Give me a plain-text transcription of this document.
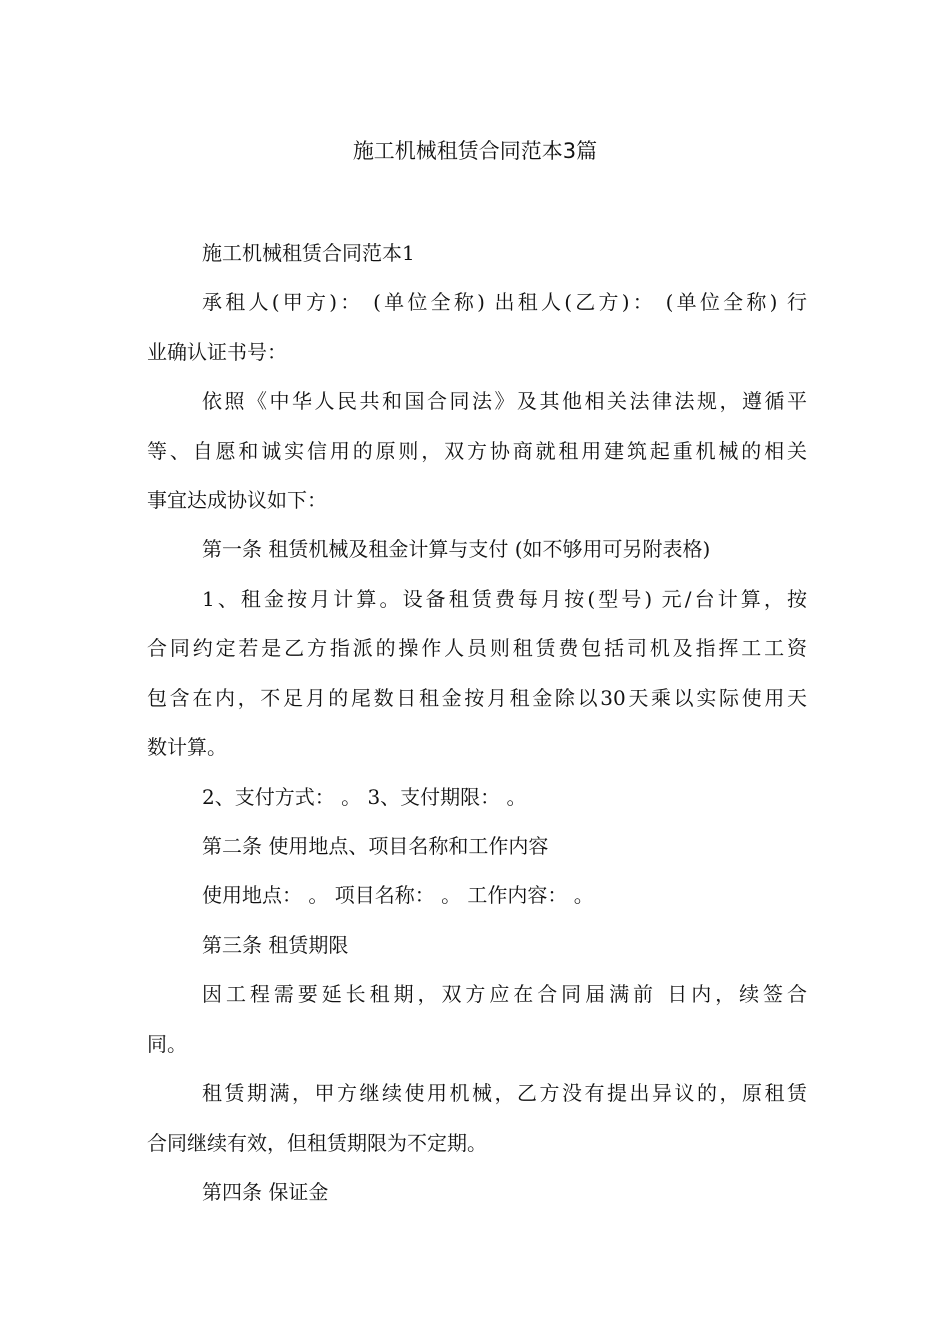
施工机械租赁合同范本3篇
施工机械租赁合同范本1
承租人(甲方)： (单位全称) 出租人(乙方)： (单位全称) 行
业确认证书号：
依照《中华人民共和国合同法》及其他相关法律法规，遵循平
等、自愿和诚实信用的原则，双方协商就租用建筑起重机械的相关
事宜达成协议如下：
第一条 租赁机械及租金计算与支付 (如不够用可另附表格)
1、租金按月计算。设备租赁费每月按(型号) 元/台计算，按
合同约定若是乙方指派的操作人员则租赁费包括司机及指挥工工资
包含在内，不足月的尾数日租金按月租金除以30天乘以实际使用天
数计算。
2、支付方式： 。 3、支付期限： 。
第二条 使用地点、项目名称和工作内容
使用地点： 。 项目名称： 。 工作内容： 。
第三条 租赁期限
因工程需要延长租期，双方应在合同届满前 日内，续签合
同。
租赁期满，甲方继续使用机械，乙方没有提出异议的，原租赁
合同继续有效，但租赁期限为不定期。
第四条 保证金
